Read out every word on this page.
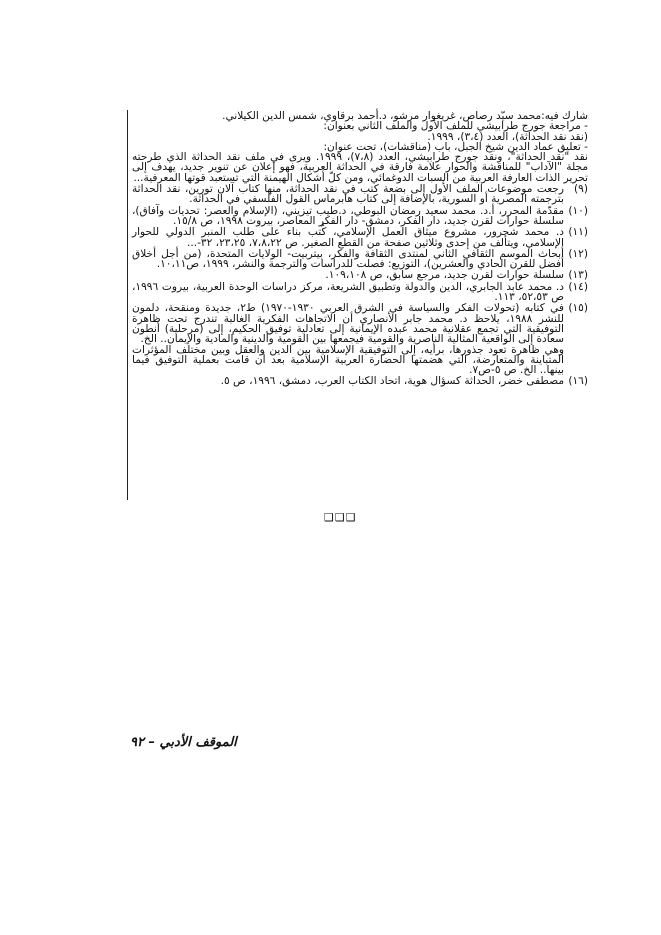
شارك فيه:محمد سيّد رصاص، غريغوار مرشو، د.أحمد برقاوي، شمس الدين الكيلاني.

- مراجعة جورج طرابيشي للملف الأول والملف الثاني بعنوان:

(نقد نقد الحداثة)، العدد (٣،٤)، ١٩٩٩.

- تعليق عماد الدين شيخ الجبل، باب (مناقشات)، تحت عنوان:

نقد "نقد الحداثة"، ونقد جورج طرابيشي، العدد (٧،٨)، ١٩٩٩. ويرى في ملف نقد الحداثة الذي طرحته مجلة "الآداب" للمناقشة والحوار علامة فارقة في الحداثة العربية، فهو إعلان عن تنوير جديد، يهدف إلى تحرير الذات العارفة العربية من السبات الدوغمائي، ومن كلّ أشكال الهيمنة التي تستعبد قوتها المعرفية...

(٩)
رجعت موضوعات الملف الأول إلى بضعة كتب في نقد الحداثة، منها كتاب آلان تورين، نقد الحداثة بترجمته المصرية أو السورية، بالإضافة إلى كتاب هابرماس القول الفلسفي في الحداثة.
(١٠)
مقدّمة المحرر، أ.د. محمد سعيد رمضان البوطي، د.طيب تيزيني، (الإسلام والعصر: تحديات وآفاق)، سلسلة حوارات لقرن جديد، دار الفكر، دمشق- دار الفكر المعاصر، بيروت ١٩٩٨، ص ١٥/٨.
(١١)
د. محمد شحرور، مشروع ميثاق العمل الإسلامي، كُتب بناء على طلب المنبر الدولي للحوار الإسلامي، ويتألف من إحدى وثلاثين صفحة من القطع الصغير. ص ٧،٨،٢٢، ٢٣،٢٥، ٣٢-...
(١٢)
أبحاث الموسم الثقافي الثاني لمنتدى الثقافة والفكر، بيتربيت- الولايات المتحدة، (من أجل أخلاق أفضل للقرن الحادي والعشرين)، التوزيع: فصلت للدراسات والترجمة والنشر، ١٩٩٩، ص١٠،١١.
(١٣)
سلسلة حوارات لقرن جديد، مرجع سابق، ص ١٠٩،١٠٨.
(١٤)
د. محمد عابد الجابري، الدين والدولة وتطبيق الشريعة، مركز دراسات الوحدة العربية، بيروت ١٩٩٦، ص ٥٢،٥٣، ١١٣.
(١٥)
في كتابه (تحولات الفكر والسياسة في الشرق العربي ١٩٣٠-١٩٧٠) ط٢، جديدة ومنقحة، دلمون للنشر ١٩٨٨، يلاحظ د. محمد جابر الأنصاري أن الاتجاهات الفكرية الغالبة تندرج تحت ظاهرة التوفيقية التي تجمع عقلانية محمد عبده الإيمانية إلى تعادلية توفيق الحكيم، إلى (مرحلية) أنطون سعادة إلى الواقعية المثالية الناصرية والقومية فيجمعها بين القومية والدينية والمادية والإيمان.. الخ.
وهي ظاهرة تعود جذورها، برأيه، إلى التوفيقية الإسلامية بين الدين والعقل وبين مختلف المؤثرات المتباينة والمتعارضة، التي هضمتها الحضارة العربية الإسلامية بعد أن قامت بعملية التوفيق فيما بينها.. الخ. ص ٥-ص٧.
(١٦)
مصطفى خضر، الحداثة كسؤال هوية، اتحاد الكتاب العرب، دمشق، ١٩٩٦، ص ٥.
❑❑❑
الموقف الأدبي – ٩٢
